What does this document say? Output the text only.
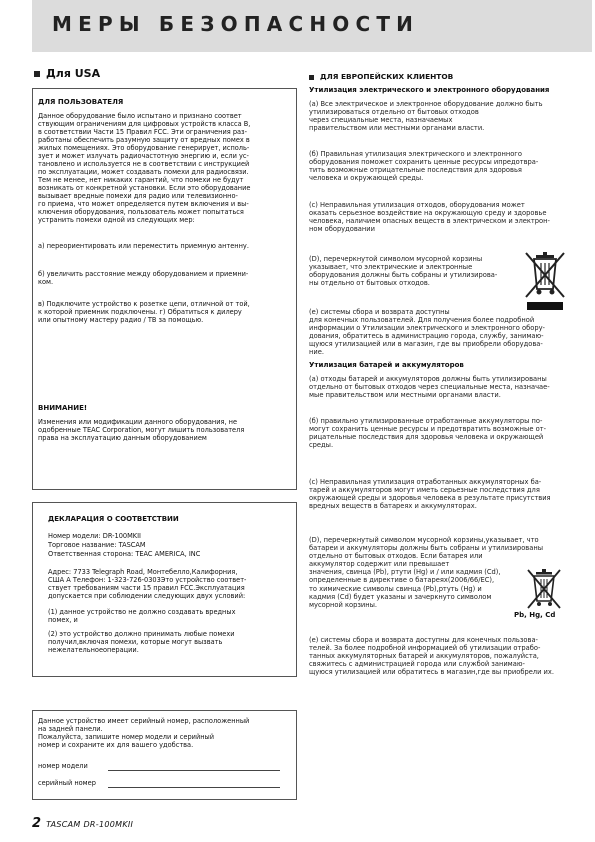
МЕРЫ БЕЗОПАСНОСТИ
Для USA
ДЛЯ ПОЛЬЗОВАТЕЛЯ
Данное оборудование было испытано и признано соответ
ствующим ограничениям для цифровых устройств класса B,
в соответствии Части 15 Правил FCC. Эти ограничения раз-
работаны обеспечить разумную защиту от вредных помех в
жилых помещениях. Это оборудование генерирует, исполь-
зует и может излучать радиочастотную энергию и, если ус-
тановлено и используется не в соответствии с инструкцией
по эксплуатации, может создавать помехи для радиосвязи.
Тем не менее, нет никаких гарантий, что помехи не будут
возникать от конкретной установки. Если это оборудование
вызывает вредные помехи для радио или телевизионно-
го приема, что может определяется путем включения и вы-
ключения оборудования, пользователь может попытаться
устранить помехи одной из следующих мер:
а) переориентировать или переместить приемную антенну.
б) увеличить расстояние между оборудованием и приемни-
ком.
в) Подключите устройство к розетке цепи, отличной от той,
к которой приемник подключены. г) Обратиться к дилеру
или опытному мастеру радио / ТВ за помощью.
ВНИМАНИЕ!
Изменения или модификации данного оборудования, не
одобренные TEAC Corporation, могут лишить пользователя
права на эксплуатацию данным оборудованием
ДЕКЛАРАЦИЯ О СООТВЕТСТВИИ
Номер модели: DR-100MKII
Торговое название: TASCAM
Ответственная сторона: TEAC AMERICA, INC
Адрес: 7733 Telegraph Road, Монтебелло,Калифорния,
США A Телефон: 1-323-726-0303Это устройство соответ-
ствует требованиям части 15 правил FCC.Эксплуатация
допускается при соблюдении следующих двух условий:
(1) данное устройство не должно создавать вредных
помех, и
(2) это устройство должно принимать любые помехи
получил,включая помехи, которые могут вызвать
нежелательноеоперации.
Данное устройство имеет серийный номер, расположенный
на задней панели.
Пожалуйста, запишите номер модели и серийный
номер и сохраните их для вашего удобства.
номер модели
серийный номер
ДЛЯ ЕВРОПЕЙСКИХ КЛИЕНТОВ
Утилизация электрического и электронного оборудования
(a) Все электрическое и электронное оборудование должно быть
утилизироваться отдельно от бытовых отходов
через специальные места, назначаемых
правительством или местными органами власти.
(б) Правильная утилизация электрического и электронного
оборудования поможет сохранить ценные ресурсы ипредотвра-
тить возможные отрицательные последствия для здоровья
человека и окружающей среды.
(c) Неправильная утилизация отходов, оборудования может
оказать серьезное воздействие на окружающую среду и здоровье
человека, наличием опасных веществ в электрическом и электрон-
ном оборудовании
(D), перечеркнутой символом мусорной корзины
указывает, что электрические и электронные
оборудования должны быть собраны и утилизирова-
ны отдельно от бытовых отходов.
(e) системы сбора и возврата доступны
для конечных пользователей. Для получения более подробной
информации о Утилизации электрического и электронного обору-
дования, обратитесь в администрацию города, службу, занимаю-
щуюся утилизацией или в магазин, где вы приобрели оборудова-
ние.
Утилизация батарей и аккумуляторов
(a) отходы батарей и аккумуляторов должны быть утилизированы
отдельно от бытовых отходов через специальные места, назначае-
мые правительством или местными органами власти.
(б) правильно утилизированные отработанные аккумуляторы по-
могут сохранить ценные ресурсы и предотвратить возможные от-
рицательные последствия для здоровья человека и окружающей
среды.
(c) Неправильная утилизация отработанных аккумуляторных ба-
тарей и аккумуляторов могут иметь серьезные последствия для
окружающей среды и здоровья человека в результате присутствия
вредных веществ в батареях и аккумуляторах.
(D), перечеркнутый символом мусорной корзины,указывает, что
батареи и аккумуляторы должны быть собраны и утилизированы
отдельно от бытовых отходов. Если батарея или
аккумулятор содержит или превышает
значения, свинца (Pb), ртути (Hg) и / или кадмия (Cd),
определенные в директиве о батареях(2006/66/EC),
то химические символы свинца (Pb),ртуть (Hg) и
кадмия (Cd) будет указаны и зачеркнуто символом
мусорной корзины.
Pb, Hg, Cd
(e) системы сбора и возврата доступны для конечных пользова-
телей. За более подробной информацией об утилизации отрабо-
танных аккумуляторных батарей и аккумуляторов, пожалуйста,
свяжитесь с администрацией города или службой занимаю-
щуюся утилизацией или обратитесь в магазин,где вы приобрели их.
2 TASCAM DR-100MKII
